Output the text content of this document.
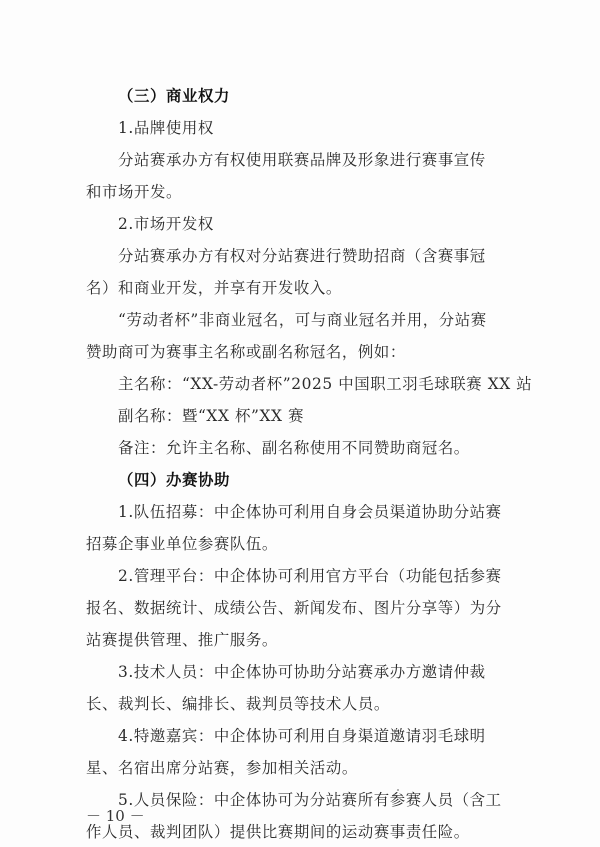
（三）商业权力
1.品牌使用权
分站赛承办方有权使用联赛品牌及形象进行赛事宣传
和市场开发。
2.市场开发权
分站赛承办方有权对分站赛进行赞助招商（含赛事冠
名）和商业开发，并享有开发收入。
“劳动者杯”非商业冠名，可与商业冠名并用，分站赛
赞助商可为赛事主名称或副名称冠名，例如：
主名称：“XX-劳动者杯”2025 中国职工羽毛球联赛 XX 站
副名称：暨“XX 杯”XX 赛
备注：允许主名称、副名称使用不同赞助商冠名。
（四）办赛协助
1.队伍招募：中企体协可利用自身会员渠道协助分站赛
招募企事业单位参赛队伍。
2.管理平台：中企体协可利用官方平台（功能包括参赛
报名、数据统计、成绩公告、新闻发布、图片分享等）为分
站赛提供管理、推广服务。
3.技术人员：中企体协可协助分站赛承办方邀请仲裁
长、裁判长、编排长、裁判员等技术人员。
4.特邀嘉宾：中企体协可利用自身渠道邀请羽毛球明
星、名宿出席分站赛，参加相关活动。
5.人员保险：中企体协可为分站赛所有参赛人员（含工
作人员、裁判团队）提供比赛期间的运动赛事责任险。
－ 10 －
